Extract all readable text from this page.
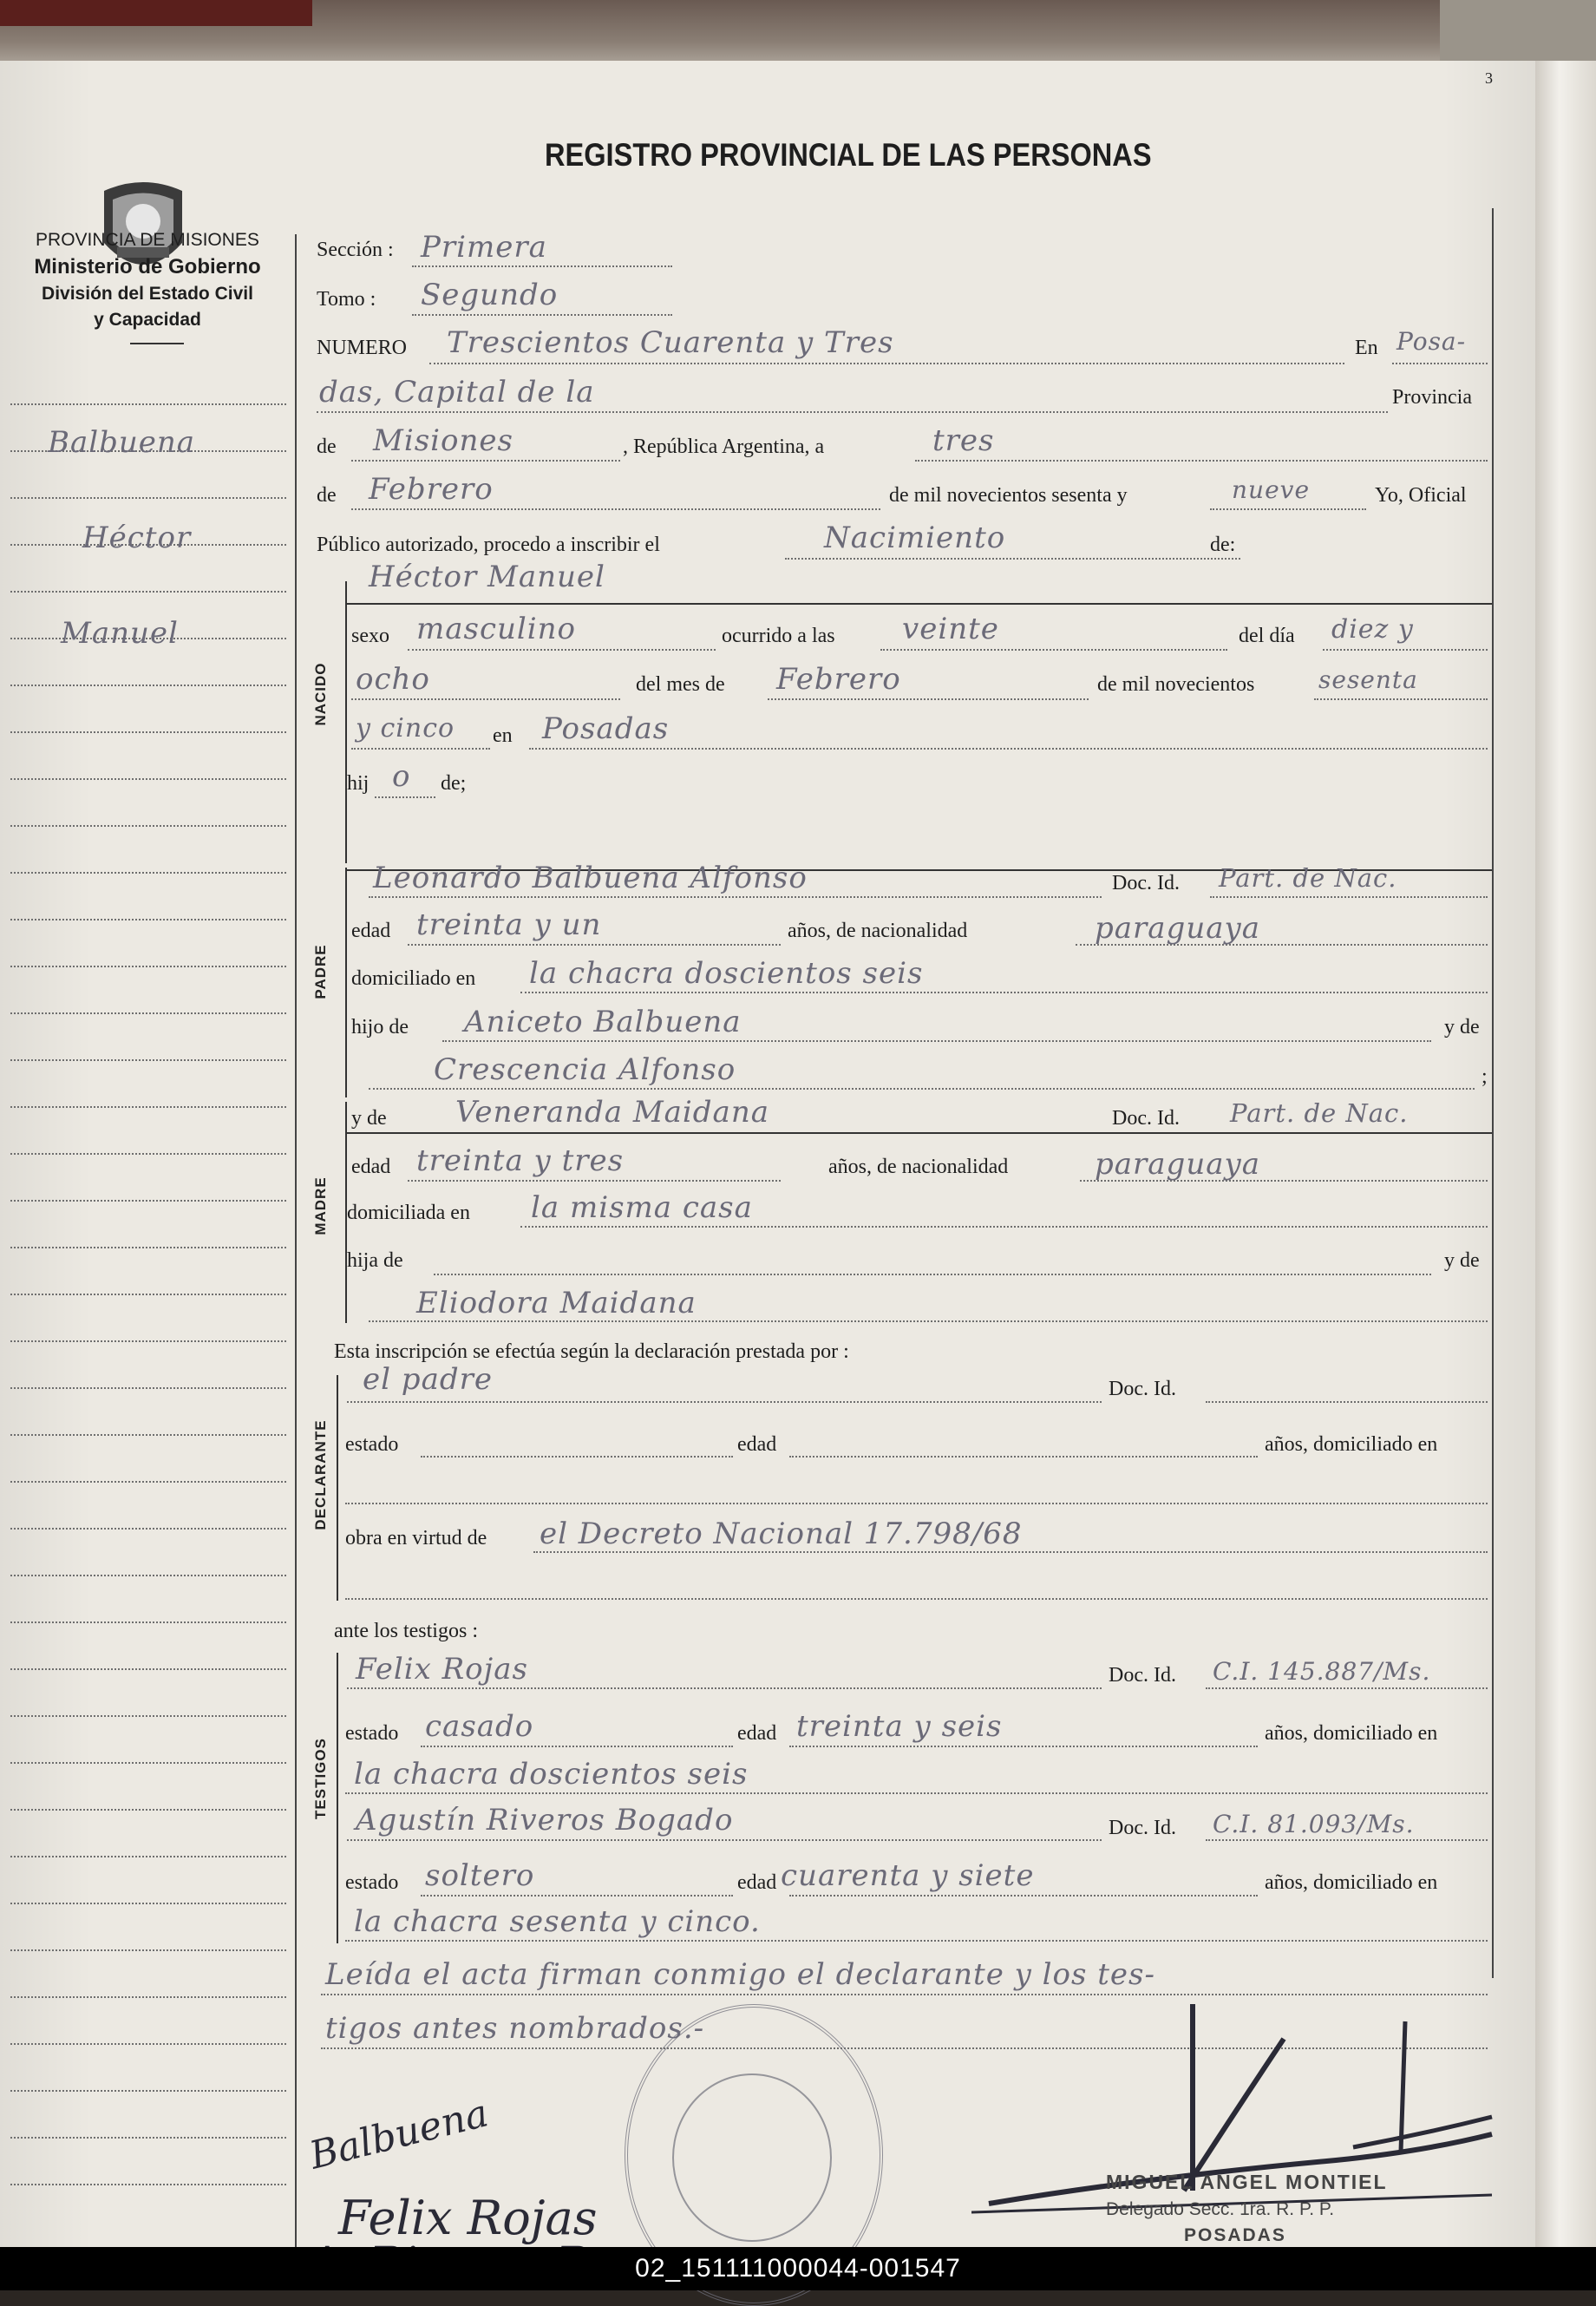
PROVINCIA DE MISIONES
Ministerio de Gobierno
División del Estado Civil
y Capacidad
REGISTRO PROVINCIAL DE LAS PERSONAS
3
Balbuena
Héctor
Manuel
Sección : Primera
Tomo : Segundo
NUMERO Trescientos Cuarenta y Tres	En Posa-
das, Capital de la	Provincia
de Misiones	, República Argentina, a	tres
de Febrero	de mil novecientos sesenta y	nueve	Yo, Oficial
Público autorizado, procedo a inscribir el	Nacimiento	de:
NACIDO
Héctor Manuel
sexo masculino	ocurrido a las veinte	del día diez y
ocho	del mes de Febrero	de mil novecientos	sesenta
y cinco en Posadas
hij o de;
PADRE
Leonardo Balbuena Alfonso	Doc. Id. Part. de Nac.
edad treinta y un	años, de nacionalidad	paraguaya
domiciliado en la chacra doscientos seis
hijo de Aniceto Balbuena	y de
Crescencia Alfonso	;
MADRE
y de Veneranda Maidana	Doc. Id. Part. de Nac.
edad treinta y tres	años, de nacionalidad	paraguaya
domiciliada en la misma casa
hija de	y de
Eliodora Maidana
Esta inscripción se efectúa según la declaración prestada por :
DECLARANTE
el padre	Doc. Id.
estado	edad	años, domiciliado en
obra en virtud de el Decreto Nacional 17.798/68
ante los testigos :
TESTIGOS
Felix Rojas	Doc. Id. C.I. 145.887/Ms.
estado casado	edad treinta y seis	años, domiciliado en
la chacra doscientos seis
Agustín Riveros Bogado	Doc. Id. C.I. 81.093/Ms.
estado soltero	edad cuarenta y siete	años, domiciliado en
la chacra sesenta y cinco.
Leída el acta firman conmigo el declarante y los tes-
tigos antes nombrados.-
Balbuena
Felix Rojas
MIGUEL ANGEL MONTIEL
Delegado Secc. 1ra. R. P. P.
POSADAS
02_151111000044-001547
